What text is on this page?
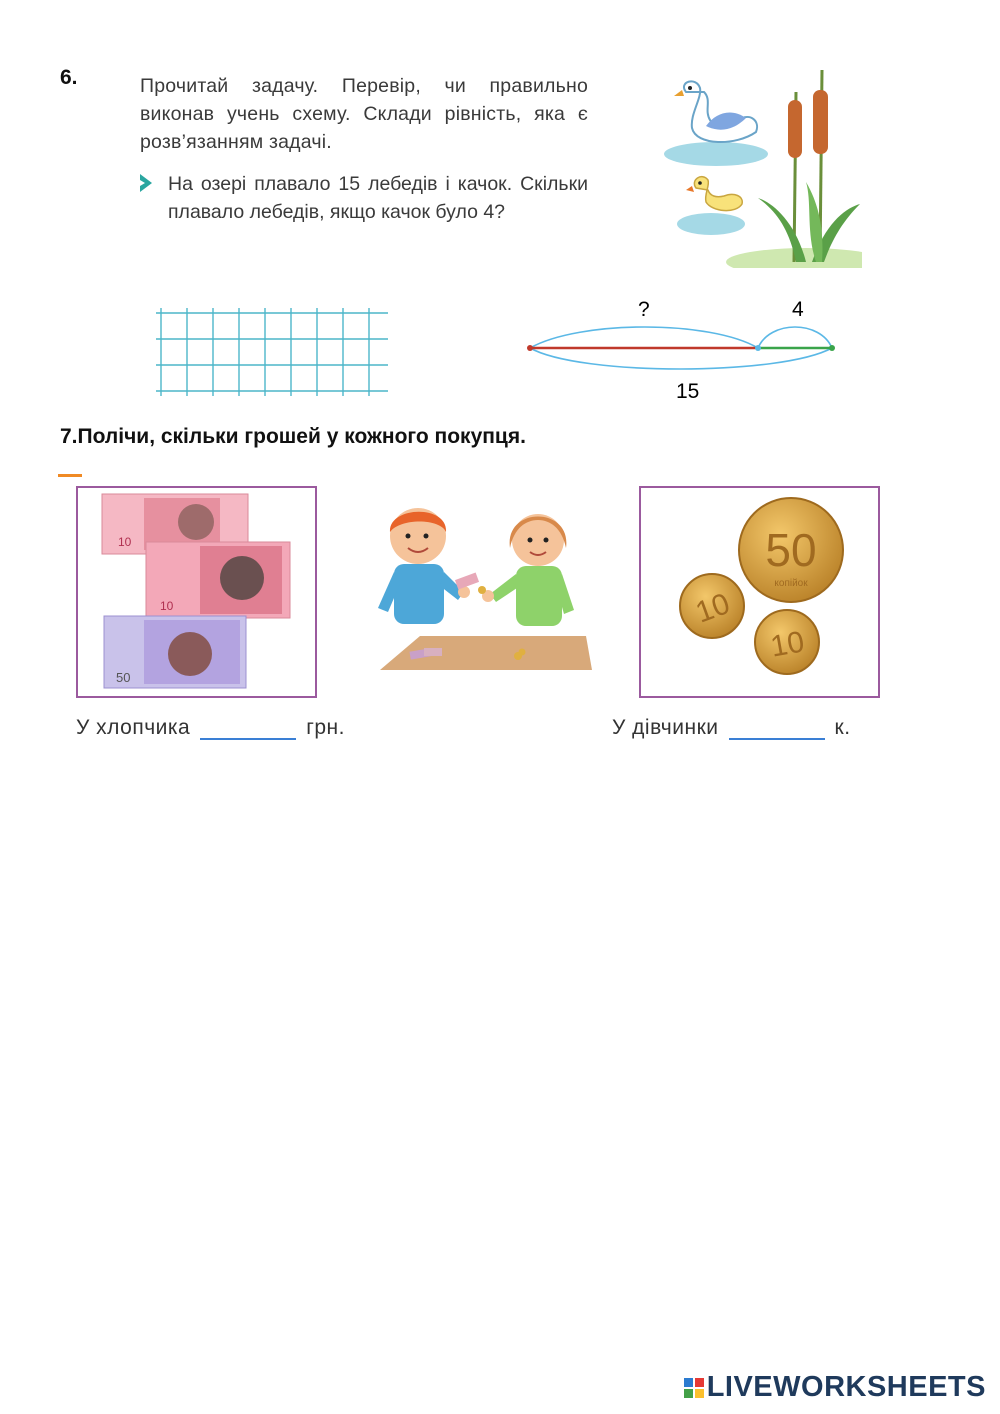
6.	Прочитай задачу. Перевір, чи правильно виконав учень схему. Склади рівність, яка є розв’язанням задачі.
На озері плавало 15 лебедів і качок. Скільки плавало лебедів, якщо качок було 4?
?	4
15
7.Полічи, скільки грошей у кожного покупця.
10
10
50
50
копійок
10
10
У хлопчика	грн.	У дівчинки	к.
LIVEWORKSHEETS
